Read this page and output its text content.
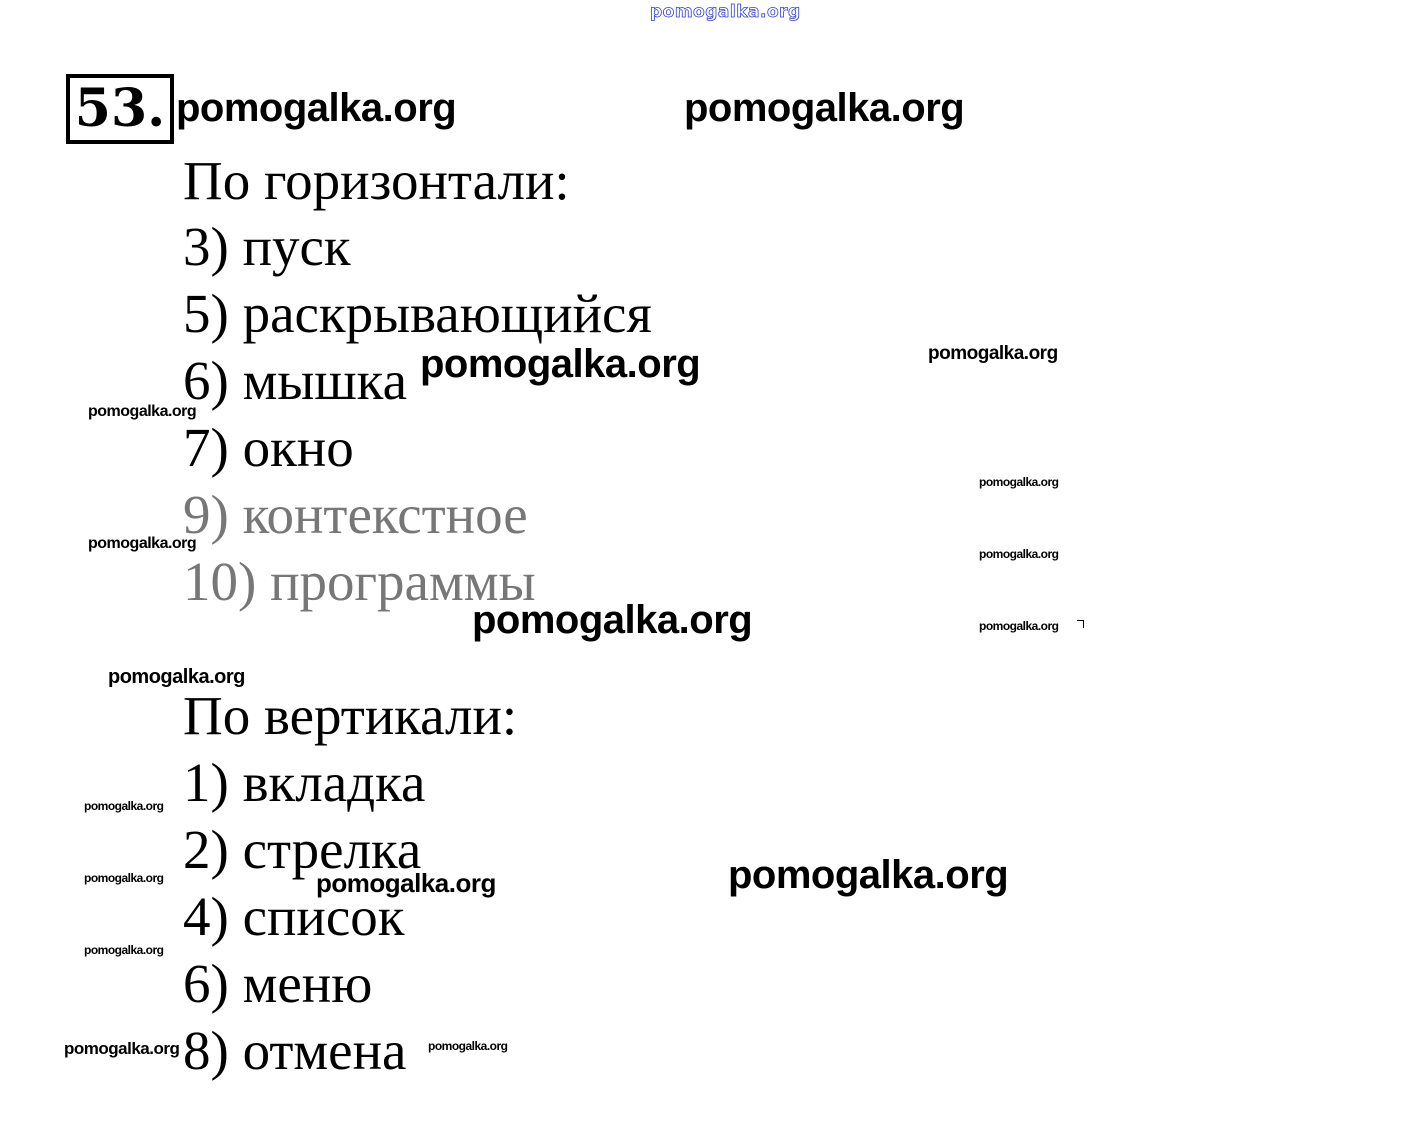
pomogalka.org
53.
По горизонтали:
3) пуск
5) раскрывающийся
6) мышка
7) окно
9) контекстное
10) программы
По вертикали:
1) вкладка
2) стрелка
4) список
6) меню
8) отмена
pomogalka.org	pomogalka.org
pomogalka.org	pomogalka.org
pomogalka.org
pomogalka.org
pomogalka.org
pomogalka.org
pomogalka.org	pomogalka.org
pomogalka.org
pomogalka.org
pomogalka.org
pomogalka.org	pomogalka.org
pomogalka.org
pomogalka.org	pomogalka.org
